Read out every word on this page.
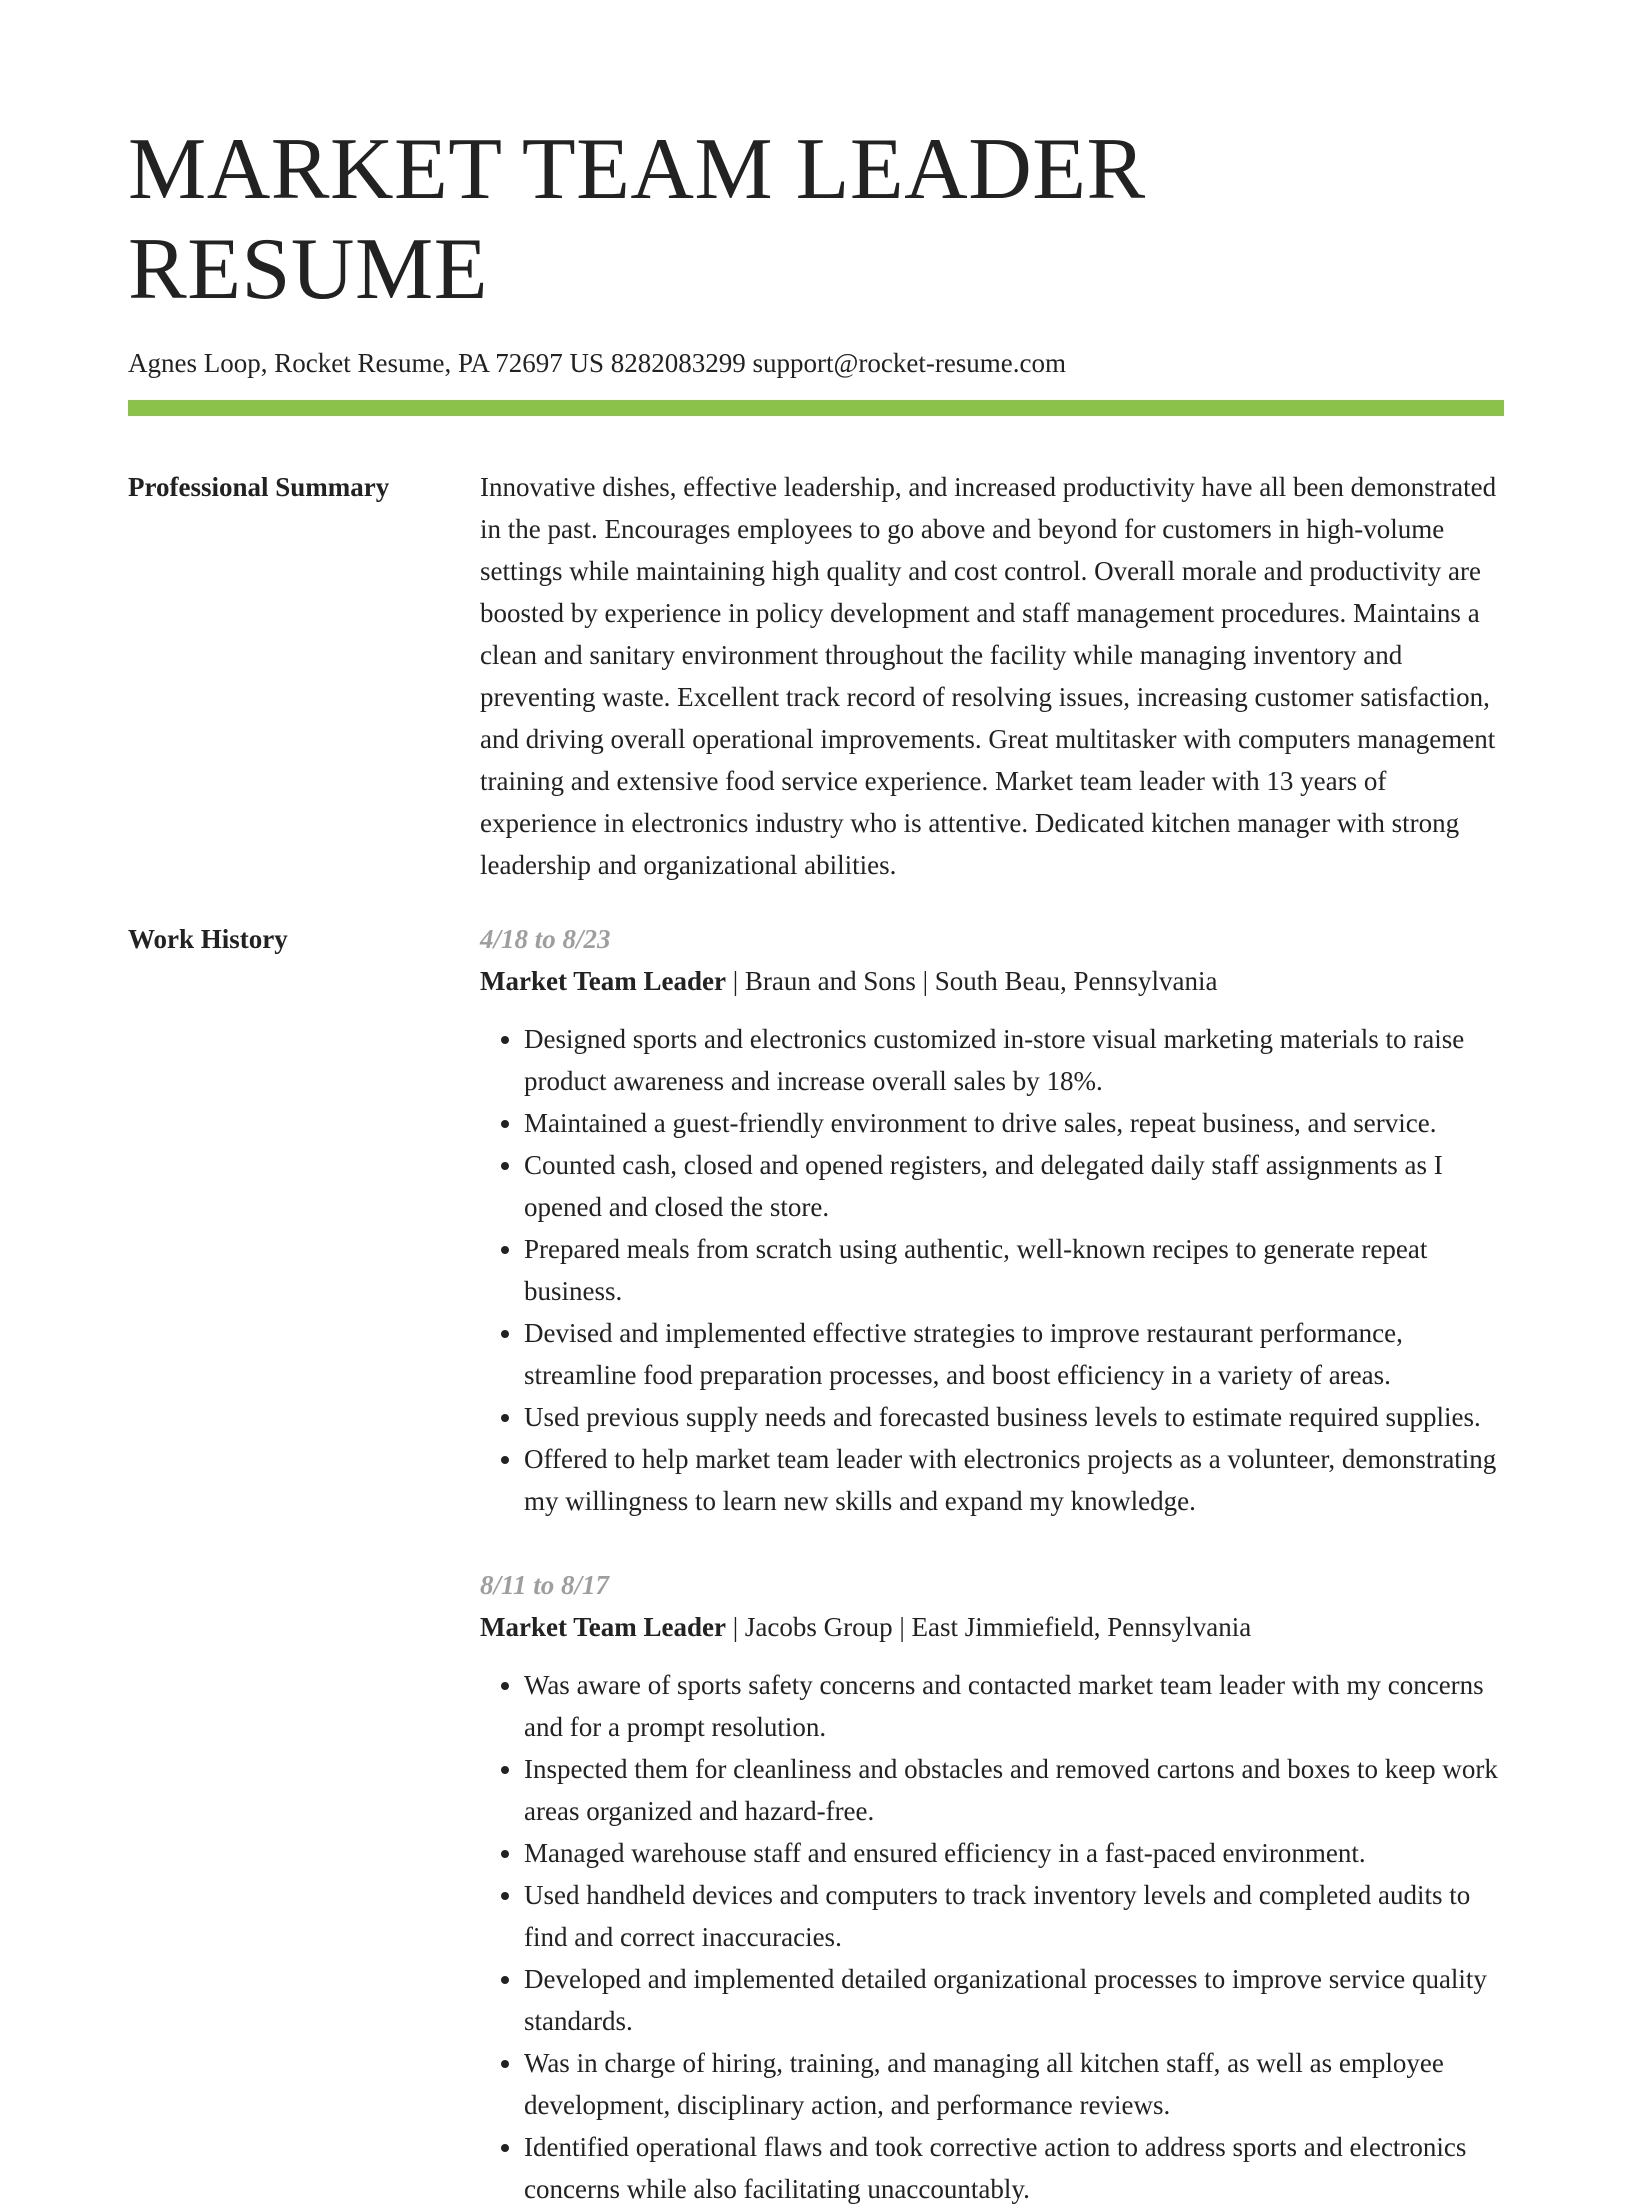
MARKET TEAM LEADER RESUME
Agnes Loop, Rocket Resume, PA 72697 US 8282083299 support@rocket-resume.com
Professional Summary	Innovative dishes, effective leadership, and increased productivity have all been demonstrated in the past. Encourages employees to go above and beyond for customers in high-volume settings while maintaining high quality and cost control. Overall morale and productivity are boosted by experience in policy development and staff management procedures. Maintains a clean and sanitary environment throughout the facility while managing inventory and preventing waste. Excellent track record of resolving issues, increasing customer satisfaction, and driving overall operational improvements. Great multitasker with computers management training and extensive food service experience. Market team leader with 13 years of experience in electronics industry who is attentive. Dedicated kitchen manager with strong leadership and organizational abilities.
Work History	4/18 to 8/23
Market Team Leader | Braun and Sons | South Beau, Pennsylvania
• Designed sports and electronics customized in-store visual marketing materials to raise product awareness and increase overall sales by 18%.
• Maintained a guest-friendly environment to drive sales, repeat business, and service.
• Counted cash, closed and opened registers, and delegated daily staff assignments as I opened and closed the store.
• Prepared meals from scratch using authentic, well-known recipes to generate repeat business.
• Devised and implemented effective strategies to improve restaurant performance, streamline food preparation processes, and boost efficiency in a variety of areas.
• Used previous supply needs and forecasted business levels to estimate required supplies.
• Offered to help market team leader with electronics projects as a volunteer, demonstrating my willingness to learn new skills and expand my knowledge.
8/11 to 8/17
Market Team Leader | Jacobs Group | East Jimmiefield, Pennsylvania
• Was aware of sports safety concerns and contacted market team leader with my concerns and for a prompt resolution.
• Inspected them for cleanliness and obstacles and removed cartons and boxes to keep work areas organized and hazard-free.
• Managed warehouse staff and ensured efficiency in a fast-paced environment.
• Used handheld devices and computers to track inventory levels and completed audits to find and correct inaccuracies.
• Developed and implemented detailed organizational processes to improve service quality standards.
• Was in charge of hiring, training, and managing all kitchen staff, as well as employee development, disciplinary action, and performance reviews.
• Identified operational flaws and took corrective action to address sports and electronics concerns while also facilitating unaccountably.
